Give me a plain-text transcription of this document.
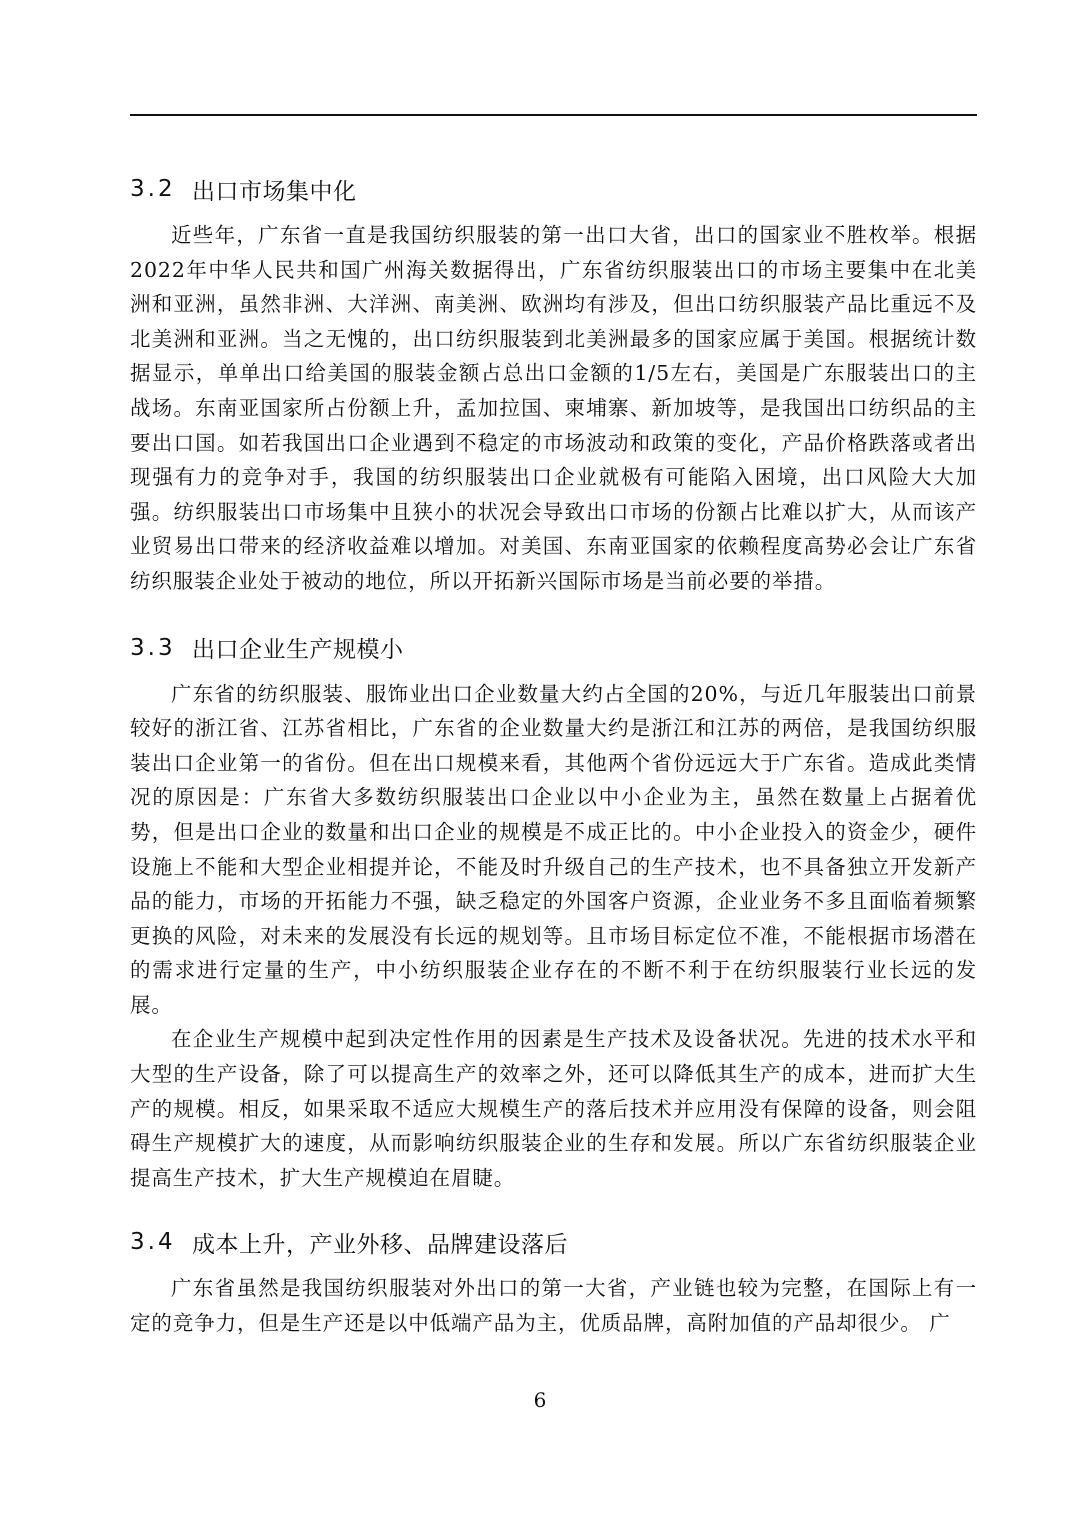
3.2 出口市场集中化

近些年，广东省一直是我国纺织服装的第一出口大省，出口的国家业不胜枚举。根据2022年中华人民共和国广州海关数据得出，广东省纺织服装出口的市场主要集中在北美洲和亚洲，虽然非洲、大洋洲、南美洲、欧洲均有涉及，但出口纺织服装产品比重远不及北美洲和亚洲。当之无愧的，出口纺织服装到北美洲最多的国家应属于美国。根据统计数据显示，单单出口给美国的服装金额占总出口金额的1/5左右，美国是广东服装出口的主战场。东南亚国家所占份额上升，孟加拉国、柬埔寨、新加坡等，是我国出口纺织品的主要出口国。如若我国出口企业遇到不稳定的市场波动和政策的变化，产品价格跌落或者出现强有力的竞争对手，我国的纺织服装出口企业就极有可能陷入困境，出口风险大大加强。纺织服装出口市场集中且狭小的状况会导致出口市场的份额占比难以扩大，从而该产业贸易出口带来的经济收益难以增加。对美国、东南亚国家的依赖程度高势必会让广东省纺织服装企业处于被动的地位，所以开拓新兴国际市场是当前必要的举措。

3.3 出口企业生产规模小

广东省的纺织服装、服饰业出口企业数量大约占全国的20%，与近几年服装出口前景较好的浙江省、江苏省相比，广东省的企业数量大约是浙江和江苏的两倍，是我国纺织服装出口企业第一的省份。但在出口规模来看，其他两个省份远远大于广东省。造成此类情况的原因是：广东省大多数纺织服装出口企业以中小企业为主，虽然在数量上占据着优势，但是出口企业的数量和出口企业的规模是不成正比的。中小企业投入的资金少，硬件设施上不能和大型企业相提并论，不能及时升级自己的生产技术，也不具备独立开发新产品的能力，市场的开拓能力不强，缺乏稳定的外国客户资源，企业业务不多且面临着频繁更换的风险，对未来的发展没有长远的规划等。且市场目标定位不准，不能根据市场潜在的需求进行定量的生产，中小纺织服装企业存在的不断不利于在纺织服装行业长远的发展。

在企业生产规模中起到决定性作用的因素是生产技术及设备状况。先进的技术水平和大型的生产设备，除了可以提高生产的效率之外，还可以降低其生产的成本，进而扩大生产的规模。相反，如果采取不适应大规模生产的落后技术并应用没有保障的设备，则会阻碍生产规模扩大的速度，从而影响纺织服装企业的生存和发展。所以广东省纺织服装企业提高生产技术，扩大生产规模迫在眉睫。

3.4 成本上升，产业外移、品牌建设落后

广东省虽然是我国纺织服装对外出口的第一大省，产业链也较为完整，在国际上有一定的竞争力，但是生产还是以中低端产品为主，优质品牌，高附加值的产品却很少。 广

6
